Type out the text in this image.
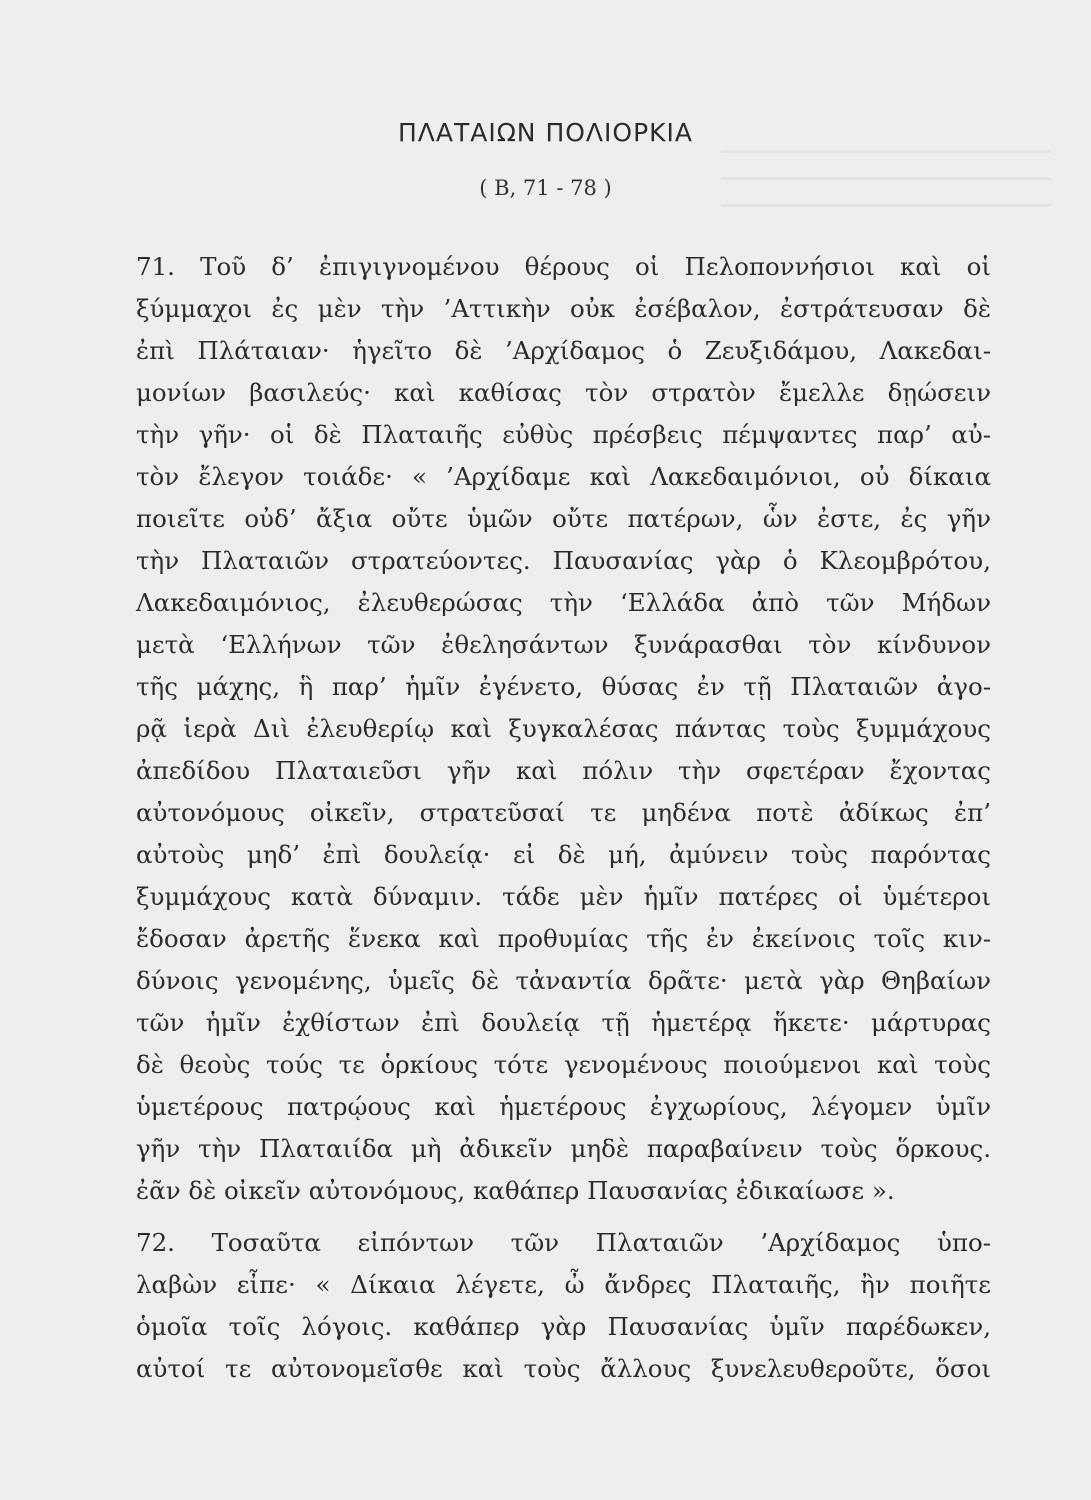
ΠΛΑΤΑΙΩΝ ΠΟΛΙΟΡΚΙΑ
( Β, 71 - 78 )
71. Τοῦ δ’ ἐπιγιγνομένου θέρους οἱ Πελοποννήσιοι καὶ οἱ
ξύμμαχοι ἐς μὲν τὴν ’Αττικὴν οὐκ ἐσέβαλον, ἐστράτευσαν δὲ
ἐπὶ Πλάταιαν· ἡγεῖτο δὲ ’Αρχίδαμος ὁ Ζευξιδάμου, Λακεδαι-
μονίων βασιλεύς· καὶ καθίσας τὸν στρατὸν ἔμελλε δῃώσειν
τὴν γῆν· οἱ δὲ Πλαταιῆς εὐθὺς πρέσβεις πέμψαντες παρ’ αὐ-
τὸν ἔλεγον τοιάδε· « ’Αρχίδαμε καὶ Λακεδαιμόνιοι, οὐ δίκαια
ποιεῖτε οὐδ’ ἄξια οὔτε ὑμῶν οὔτε πατέρων, ὧν ἐστε, ἐς γῆν
τὴν Πλαταιῶν στρατεύοντες. Παυσανίας γὰρ ὁ Κλεομβρότου,
Λακεδαιμόνιος, ἐλευθερώσας τὴν ‘Ελλάδα ἀπὸ τῶν Μήδων
μετὰ ‘Ελλήνων τῶν ἐθελησάντων ξυνάρασθαι τὸν κίνδυνον
τῆς μάχης, ἣ παρ’ ἡμῖν ἐγένετο, θύσας ἐν τῇ Πλαταιῶν ἀγο-
ρᾷ ἱερὰ Διὶ ἐλευθερίῳ καὶ ξυγκαλέσας πάντας τοὺς ξυμμάχους
ἀπεδίδου Πλαταιεῦσι γῆν καὶ πόλιν τὴν σφετέραν ἔχοντας
αὐτονόμους οἰκεῖν, στρατεῦσαί τε μηδένα ποτὲ ἀδίκως ἐπ’
αὐτοὺς μηδ’ ἐπὶ δουλείᾳ· εἰ δὲ μή, ἀμύνειν τοὺς παρόντας
ξυμμάχους κατὰ δύναμιν. τάδε μὲν ἡμῖν πατέρες οἱ ὑμέτεροι
ἔδοσαν ἀρετῆς ἕνεκα καὶ προθυμίας τῆς ἐν ἐκείνοις τοῖς κιν-
δύνοις γενομένης, ὑμεῖς δὲ τἀναντία δρᾶτε· μετὰ γὰρ Θηβαίων
τῶν ἡμῖν ἐχθίστων ἐπὶ δουλείᾳ τῇ ἡμετέρᾳ ἥκετε· μάρτυρας
δὲ θεοὺς τούς τε ὁρκίους τότε γενομένους ποιούμενοι καὶ τοὺς
ὑμετέρους πατρῴους καὶ ἡμετέρους ἐγχωρίους, λέγομεν ὑμῖν
γῆν τὴν Πλαταιίδα μὴ ἀδικεῖν μηδὲ παραβαίνειν τοὺς ὅρκους.
ἐᾶν δὲ οἰκεῖν αὐτονόμους, καθάπερ Παυσανίας ἐδικαίωσε ».
72. Τοσαῦτα εἰπόντων τῶν Πλαταιῶν ’Αρχίδαμος ὑπο-
λαβὼν εἶπε· « Δίκαια λέγετε, ὦ ἄνδρες Πλαταιῆς, ἢν ποιῆτε
ὁμοῖα τοῖς λόγοις. καθάπερ γὰρ Παυσανίας ὑμῖν παρέδωκεν,
αὐτοί τε αὐτονομεῖσθε καὶ τοὺς ἄλλους ξυνελευθεροῦτε, ὅσοι
